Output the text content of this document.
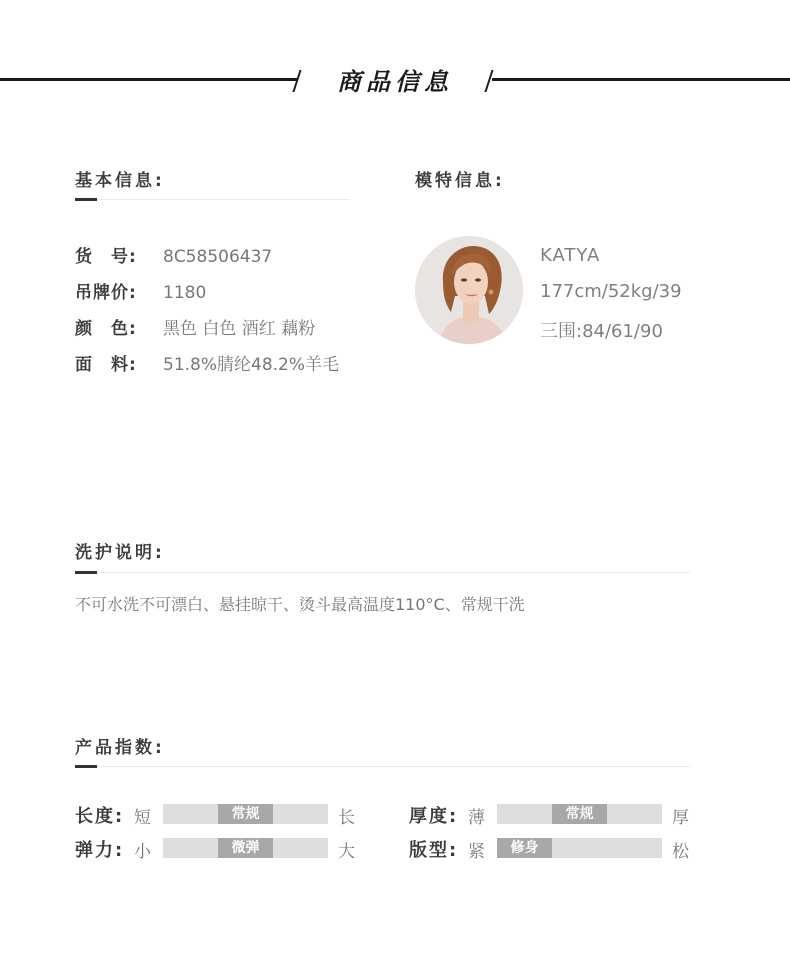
商品信息
基本信息:
货　号: 8C58506437
吊牌价: 1180
颜　色: 黑色 白色 酒红 藕粉
面　料: 51.8%腈纶48.2%羊毛
模特信息:
KATYA
177cm/52kg/39
三围:84/61/90
洗护说明:
不可水洗不可漂白、悬挂晾干、烫斗最高温度110°C、常规干洗
产品指数:
长度: 短	常规	长	厚度: 薄	常规	厚
弹力: 小	微弹	大	版型: 紧	修身	松
